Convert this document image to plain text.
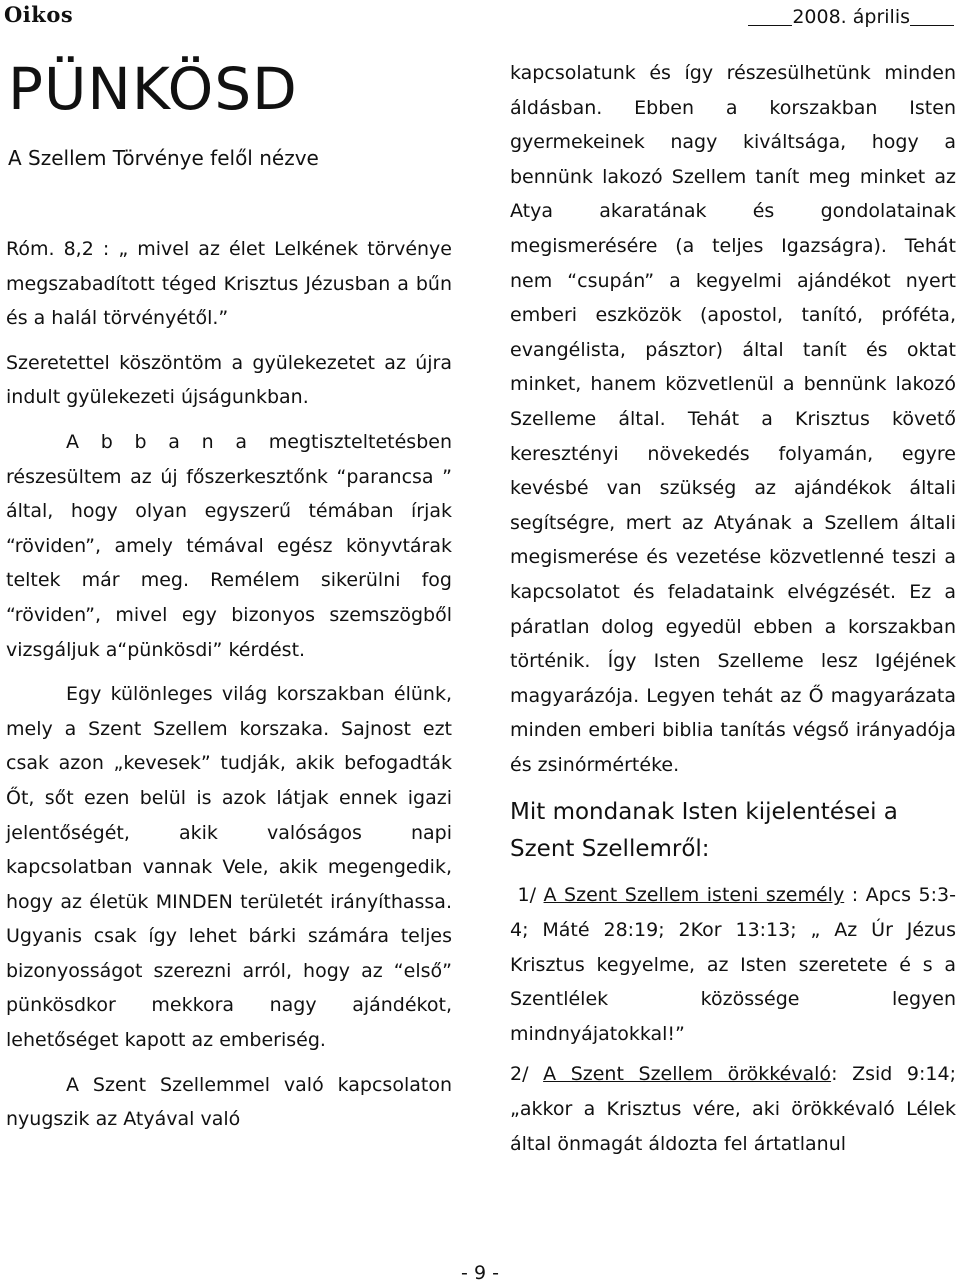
Oikos	2008. április
PÜNKÖSD
A Szellem Törvénye felől nézve

Róm. 8,2 : „ mivel az élet Lelkének törvénye megszabadított téged Krisztus Jézusban a bűn és a halál törvényétől.”

Szeretettel köszöntöm a gyülekezetet az újra indult gyülekezeti újságunkban.

A b b a n a megtiszteltetésben részesültem az új főszerkesztőnk “parancsa ” által, hogy olyan egyszerű témában írjak “röviden”, amely témával egész könyvtárak teltek már meg. Remélem sikerülni fog “röviden”, mivel egy bizonyos szemszögből vizsgáljuk a“pünkösdi” kérdést.

Egy különleges világ korszakban élünk, mely a Szent Szellem korszaka. Sajnost ezt csak azon „kevesek” tudják, akik befogadták Őt, sőt ezen belül is azok látjak ennek igazi jelentőségét, akik valóságos napi kapcsolatban vannak Vele, akik megengedik, hogy az életük MINDEN területét irányíthassa. Ugyanis csak így lehet bárki számára teljes bizonyosságot szerezni arról, hogy az “első” pünkösdkor mekkora nagy ajándékot, lehetőséget kapott az emberiség.

A Szent Szellemmel való kapcsolaton nyugszik az Atyával való

kapcsolatunk és így részesülhetünk minden áldásban. Ebben a korszakban Isten gyermekeinek nagy kiváltsága, hogy a bennünk lakozó Szellem tanít meg minket az Atya akaratának és gondolatainak megismerésére (a teljes Igazságra). Tehát nem “csupán” a kegyelmi ajándékot nyert emberi eszközök (apostol, tanító, próféta, evangélista, pásztor) által tanít és oktat minket, hanem közvetlenül a bennünk lakozó Szelleme által. Tehát a Krisztus követő keresztényi növekedés folyamán, egyre kevésbé van szükség az ajándékok általi segítségre, mert az Atyának a Szellem általi megismerése és vezetése közvetlenné teszi a kapcsolatot és feladataink elvégzését. Ez a páratlan dolog egyedül ebben a korszakban történik. Így Isten Szelleme lesz Igéjének magyarázója. Legyen tehát az Ő magyarázata minden emberi biblia tanítás végső irányadója és zsinórmértéke.

Mit mondanak Isten kijelentései a Szent Szellemről:

1/ A Szent Szellem isteni személy : Apcs 5:3-4; Máté 28:19; 2Kor 13:13; „ Az Úr Jézus Krisztus kegyelme, az Isten szeretete é s a Szentlélek közössége legyen mindnyájatokkal!”

2/ A Szent Szellem örökkévaló: Zsid 9:14; „akkor a Krisztus vére, aki örökkévaló Lélek által önmagát áldozta fel ártatlanul

- 9 -
